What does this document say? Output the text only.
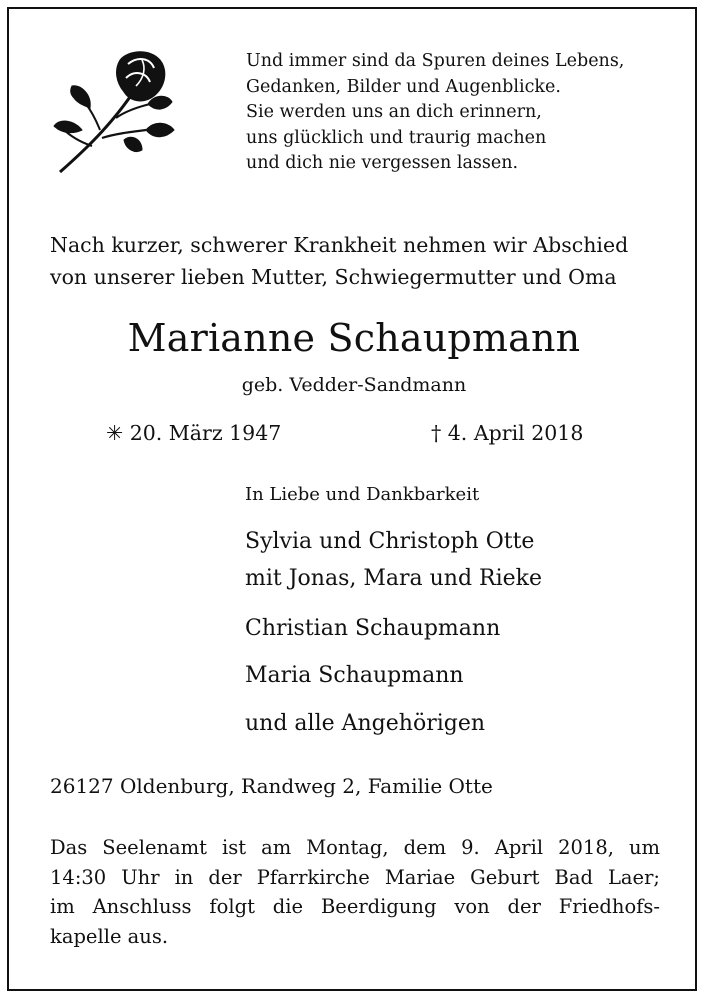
Und immer sind da Spuren deines Lebens,
Gedanken, Bilder und Augenblicke.
Sie werden uns an dich erinnern,
uns glücklich und traurig machen
und dich nie vergessen lassen.
Nach kurzer, schwerer Krankheit nehmen wir Abschied
von unserer lieben Mutter, Schwiegermutter und Oma
Marianne Schaupmann
geb. Vedder-Sandmann
✳ 20. März 1947	† 4. April 2018
In Liebe und Dankbarkeit
Sylvia und Christoph Otte
mit Jonas, Mara und Rieke
Christian Schaupmann
Maria Schaupmann
und alle Angehörigen
26127 Oldenburg, Randweg 2, Familie Otte
Das Seelenamt ist am Montag, dem 9. April 2018, um
14:30 Uhr in der Pfarrkirche Mariae Geburt Bad Laer;
im Anschluss folgt die Beerdigung von der Friedhofs-
kapelle aus.
